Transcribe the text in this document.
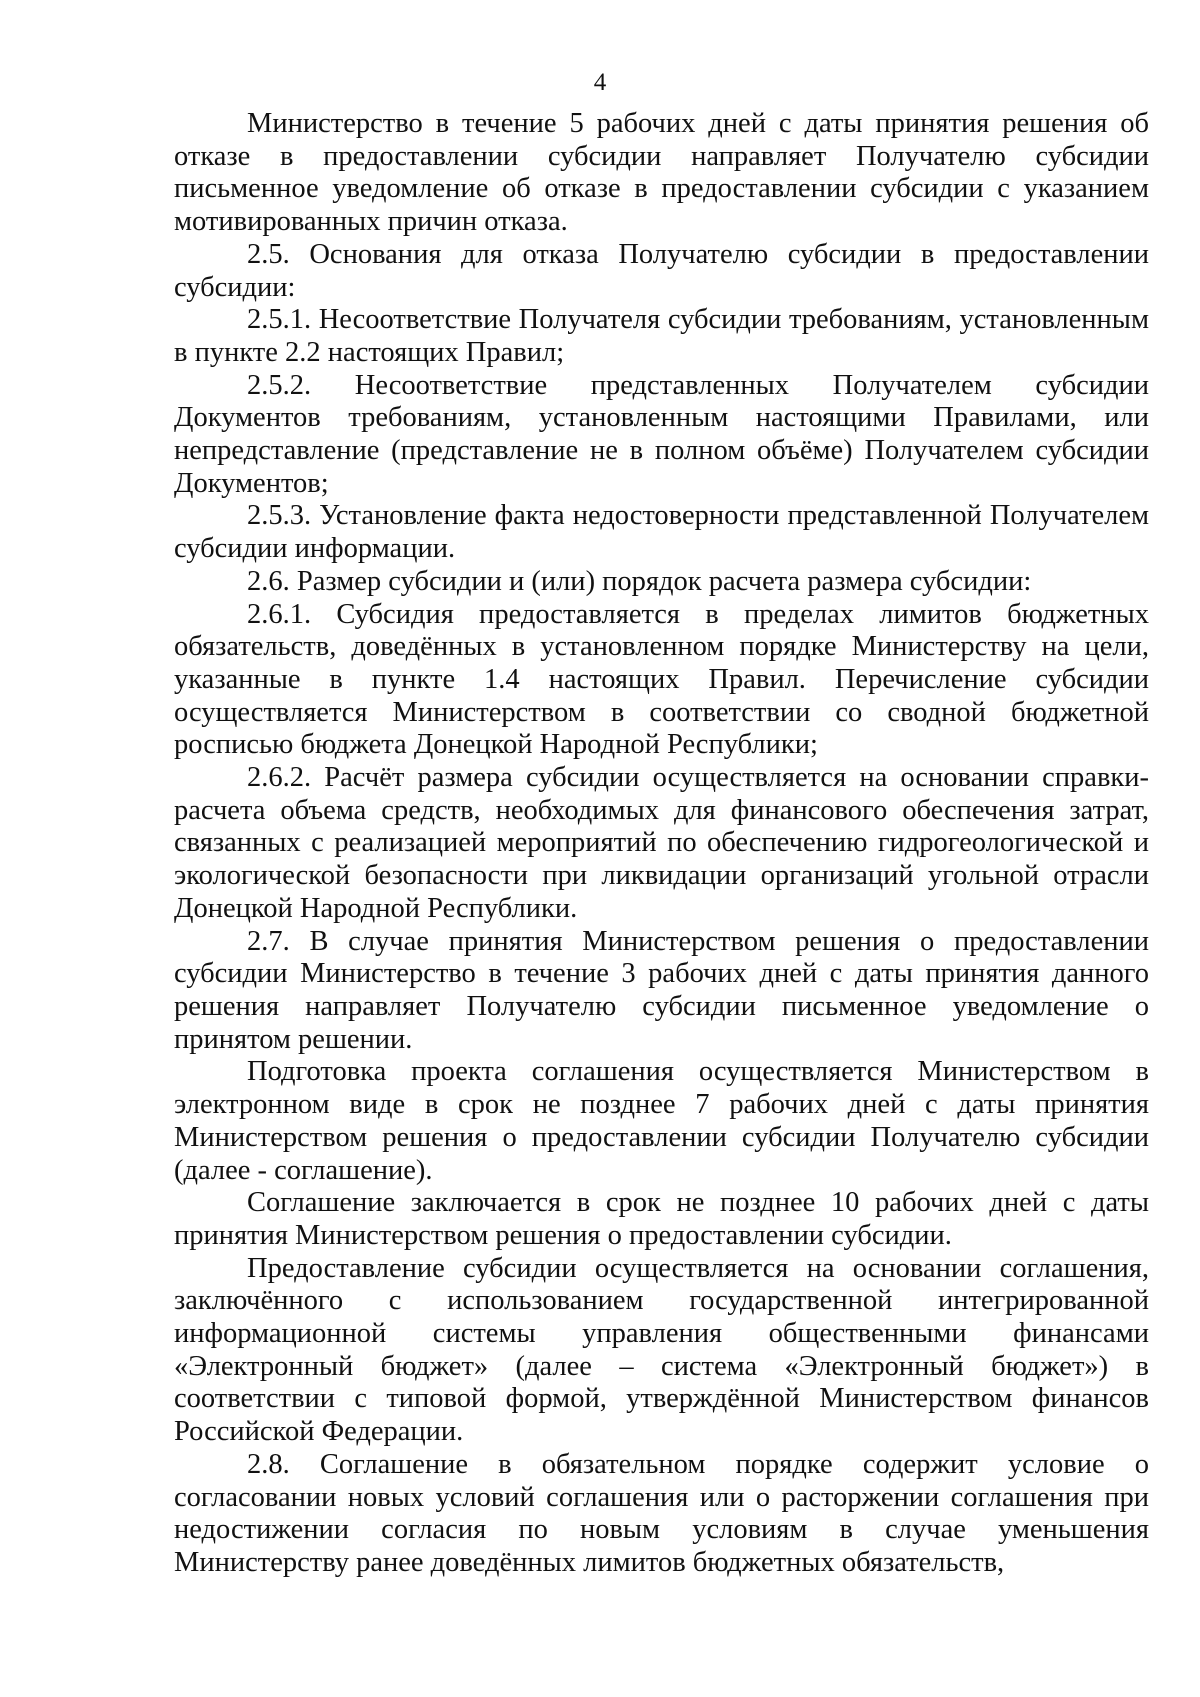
4

Министерство в течение 5 рабочих дней с даты принятия решения об отказе в предоставлении субсидии направляет Получателю субсидии письменное уведомление об отказе в предоставлении субсидии с указанием мотивированных причин отказа.

2.5. Основания для отказа Получателю субсидии в предоставлении субсидии:

2.5.1. Несоответствие Получателя субсидии требованиям, установленным в пункте 2.2 настоящих Правил;

2.5.2. Несоответствие представленных Получателем субсидии Документов требованиям, установленным настоящими Правилами, или непредставление (представление не в полном объёме) Получателем субсидии Документов;

2.5.3. Установление факта недостоверности представленной Получателем субсидии информации.

2.6. Размер субсидии и (или) порядок расчета размера субсидии:

2.6.1. Субсидия предоставляется в пределах лимитов бюджетных обязательств, доведённых в установленном порядке Министерству на цели, указанные в пункте 1.4 настоящих Правил. Перечисление субсидии осуществляется Министерством в соответствии со сводной бюджетной росписью бюджета Донецкой Народной Республики;

2.6.2. Расчёт размера субсидии осуществляется на основании справки-расчета объема средств, необходимых для финансового обеспечения затрат, связанных с реализацией мероприятий по обеспечению гидрогеологической и экологической безопасности при ликвидации организаций угольной отрасли Донецкой Народной Республики.

2.7. В случае принятия Министерством решения о предоставлении субсидии Министерство в течение 3 рабочих дней с даты принятия данного решения направляет Получателю субсидии письменное уведомление о принятом решении.

Подготовка проекта соглашения осуществляется Министерством в электронном виде в срок не позднее 7 рабочих дней с даты принятия Министерством решения о предоставлении субсидии Получателю субсидии (далее - соглашение).

Соглашение заключается в срок не позднее 10 рабочих дней с даты принятия Министерством решения о предоставлении субсидии.

Предоставление субсидии осуществляется на основании соглашения, заключённого с использованием государственной интегрированной информационной системы управления общественными финансами «Электронный бюджет» (далее – система «Электронный бюджет») в соответствии с типовой формой, утверждённой Министерством финансов Российской Федерации.

2.8. Соглашение в обязательном порядке содержит условие о согласовании новых условий соглашения или о расторжении соглашения при недостижении согласия по новым условиям в случае уменьшения Министерству ранее доведённых лимитов бюджетных обязательств,
